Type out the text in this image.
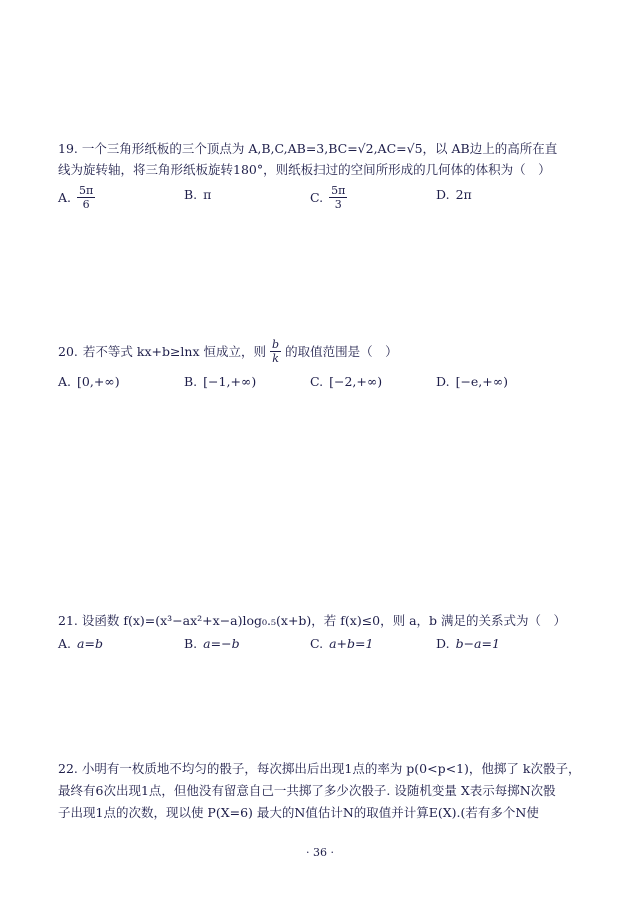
19. 一个三角形纸板的三个顶点为 A,B,C,AB=3,BC=√2,AC=√5，以 AB边上的高所在直
线为旋转轴，将三角形纸板旋转180°，则纸板扫过的空间所形成的几何体的体积为（　）
A. $\frac{5\pi}{6}$	B. π	C. $\frac{5\pi}{3}$	D. 2π
20. 若不等式 kx+b≥lnx 恒成立，则 $\frac{b}{k}$ 的取值范围是（　）
A. [0,+∞)	B. [−1,+∞)	C. [−2,+∞)	D. [−e,+∞)
21. 设函数 f(x)=(x³−ax²+x−a)log₀.₅(x+b)，若 f(x)≤0，则 a，b 满足的关系式为（　）
A. a=b	B. a=−b	C. a+b=1	D. b−a=1
22. 小明有一枚质地不均匀的骰子，每次掷出后出现1点的率为 p(0<p<1)，他掷了 k次骰子，
最终有6次出现1点，但他没有留意自己一共掷了多少次骰子. 设随机变量 X表示每掷N次骰
子出现1点的次数，现以使 P(X=6) 最大的N值估计N的取值并计算E(X).(若有多个N使
· 36 ·
